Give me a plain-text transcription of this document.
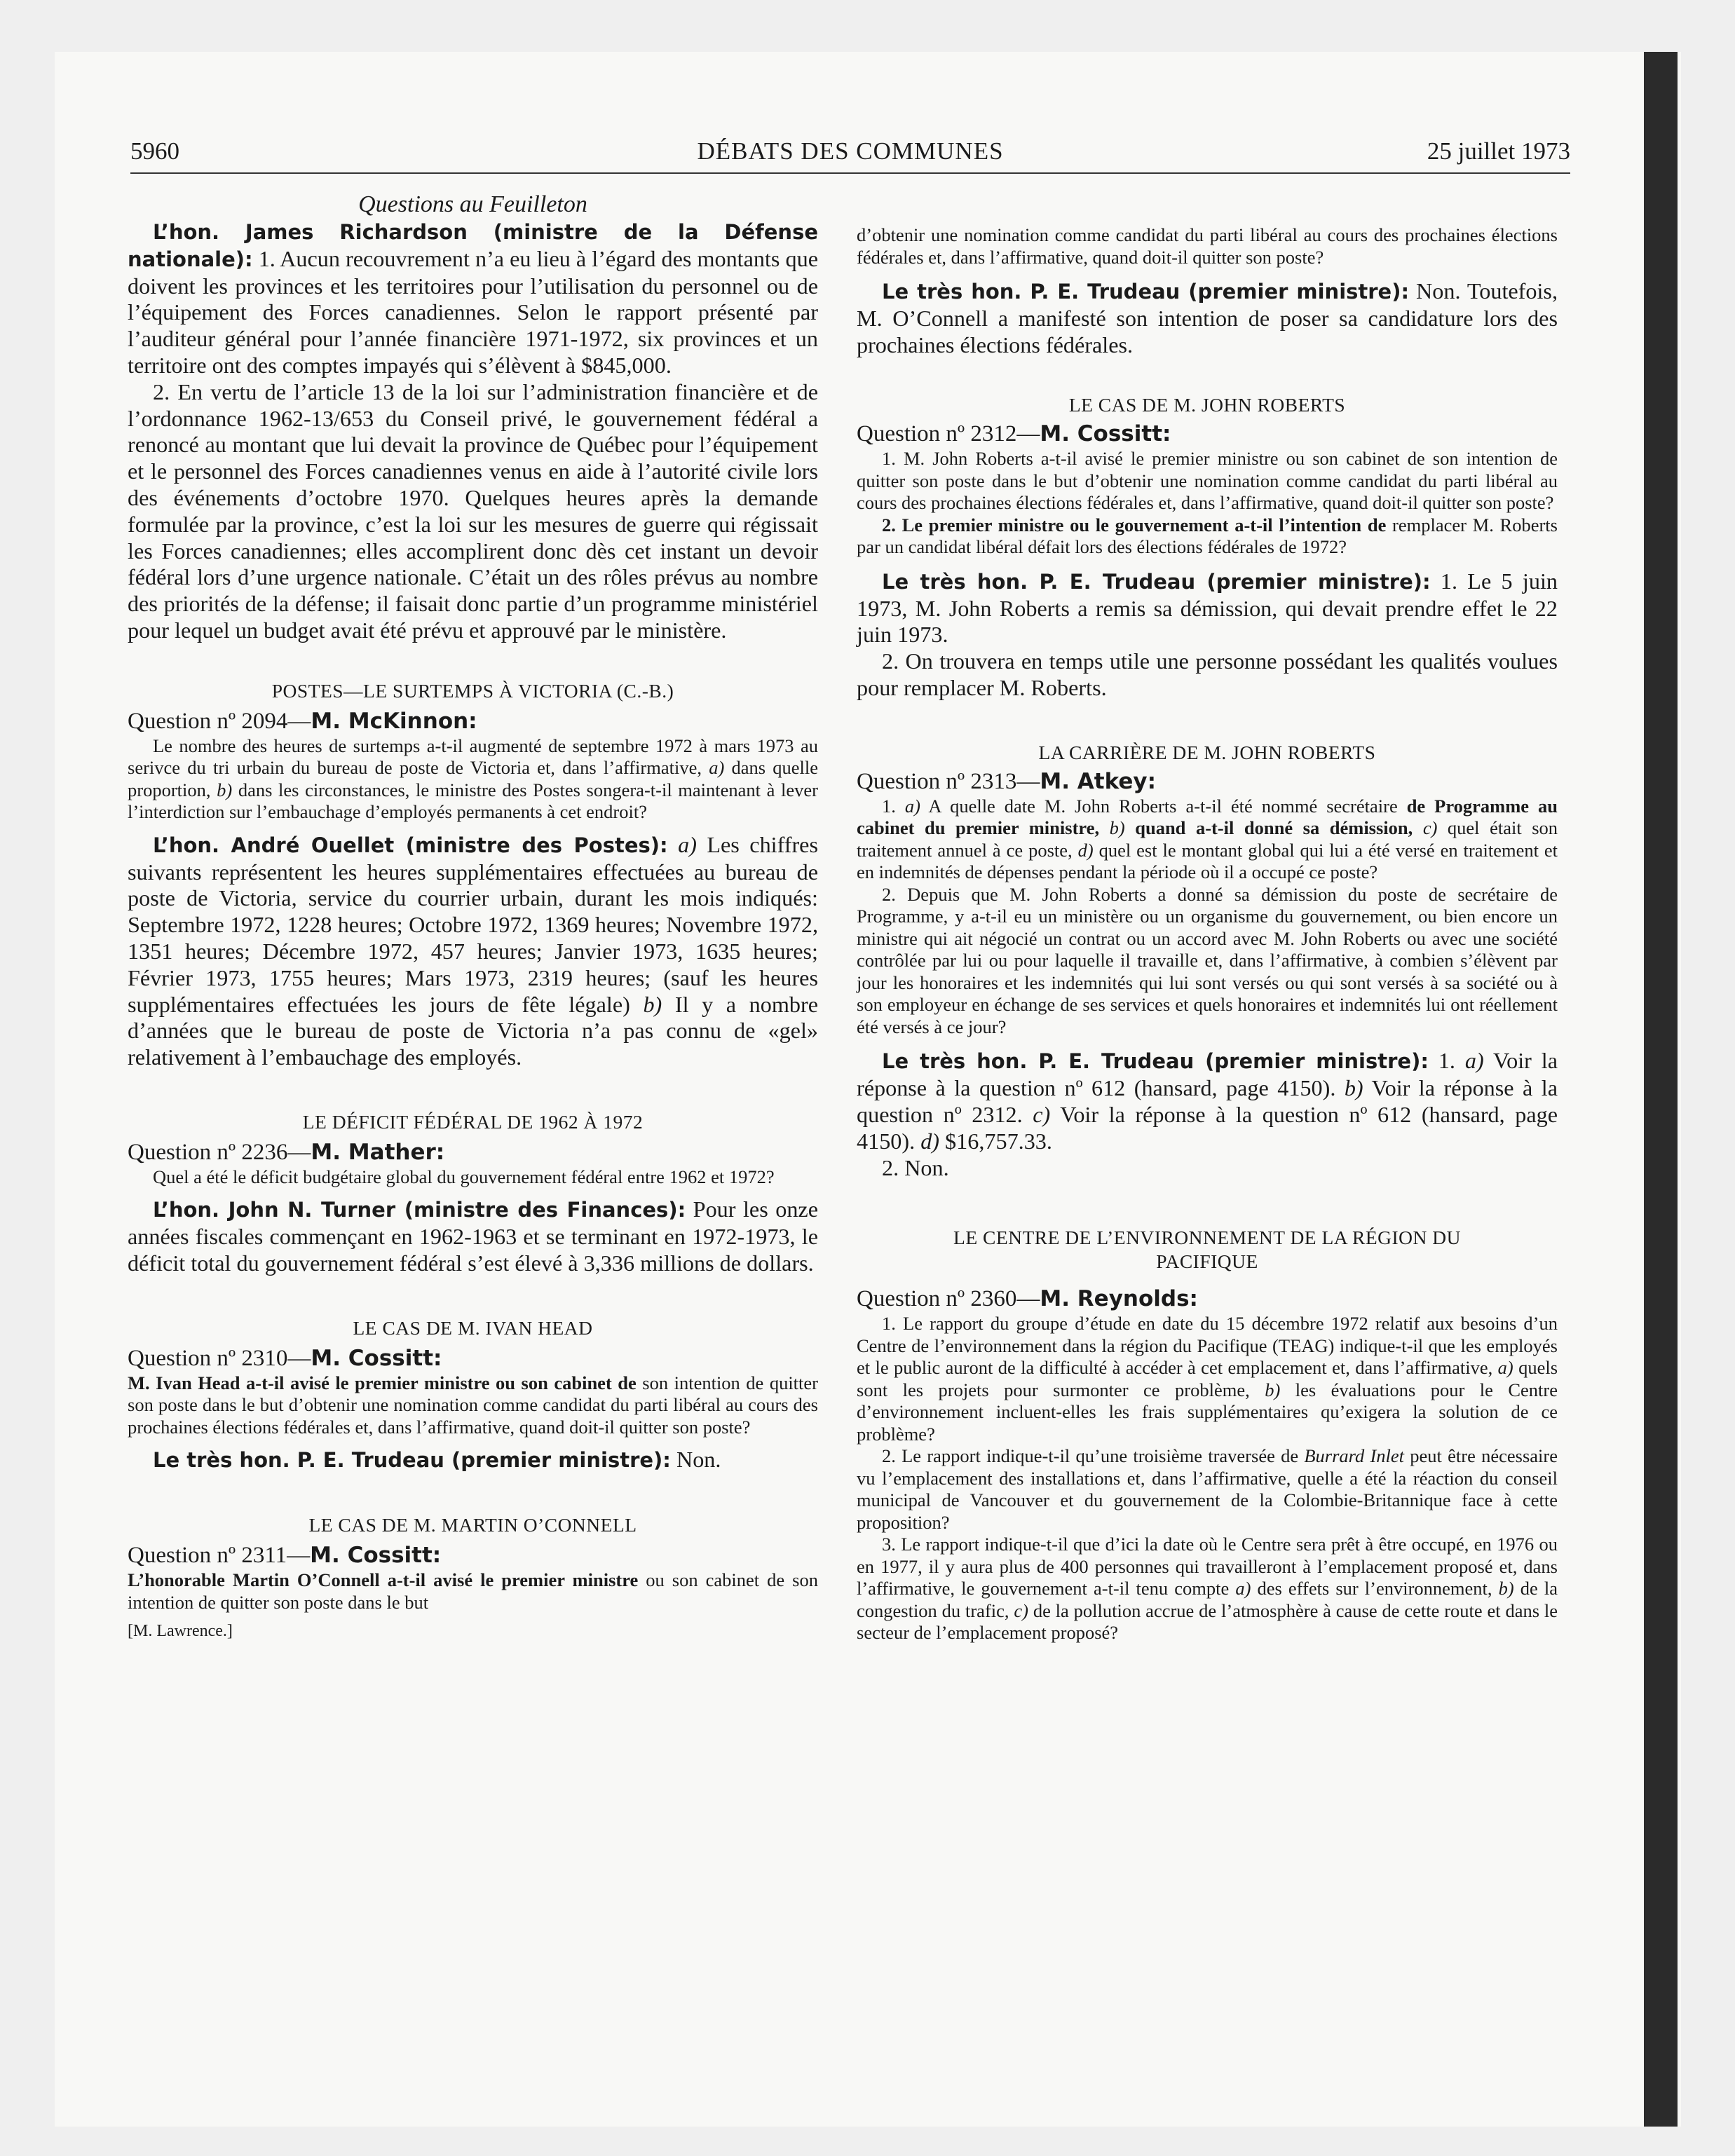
5960	DÉBATS DES COMMUNES	25 juillet 1973

Questions au Feuilleton

L’hon. James Richardson (ministre de la Défense nationale): 1. Aucun recouvrement n’a eu lieu à l’égard des montants que doivent les provinces et les territoires pour l’utilisation du personnel ou de l’équipement des Forces canadiennes. Selon le rapport présenté par l’auditeur général pour l’année financière 1971-1972, six provinces et un territoire ont des comptes impayés qui s’élèvent à $845,000.

2. En vertu de l’article 13 de la loi sur l’administration financière et de l’ordonnance 1962-13/653 du Conseil privé, le gouvernement fédéral a renoncé au montant que lui devait la province de Québec pour l’équipement et le personnel des Forces canadiennes venus en aide à l’autorité civile lors des événements d’octobre 1970. Quelques heures après la demande formulée par la province, c’est la loi sur les mesures de guerre qui régissait les Forces canadiennes; elles accomplirent donc dès cet instant un devoir fédéral lors d’une urgence nationale. C’était un des rôles prévus au nombre des priorités de la défense; il faisait donc partie d’un programme ministériel pour lequel un budget avait été prévu et approuvé par le ministère.

POSTES—LE SURTEMPS À VICTORIA (C.-B.)

Question nº 2094—M. McKinnon:

Le nombre des heures de surtemps a-t-il augmenté de septembre 1972 à mars 1973 au serivce du tri urbain du bureau de poste de Victoria et, dans l’affirmative, a) dans quelle proportion, b) dans les circonstances, le ministre des Postes songera-t-il maintenant à lever l’interdiction sur l’embauchage d’employés permanents à cet endroit?

L’hon. André Ouellet (ministre des Postes): a) Les chiffres suivants représentent les heures supplémentaires effectuées au bureau de poste de Victoria, service du courrier urbain, durant les mois indiqués: Septembre 1972, 1228 heures; Octobre 1972, 1369 heures; Novembre 1972, 1351 heures; Décembre 1972, 457 heures; Janvier 1973, 1635 heures; Février 1973, 1755 heures; Mars 1973, 2319 heures; (sauf les heures supplémentaires effectuées les jours de fête légale) b) Il y a nombre d’années que le bureau de poste de Victoria n’a pas connu de «gel» relativement à l’embauchage des employés.

LE DÉFICIT FÉDÉRAL DE 1962 À 1972

Question nº 2236—M. Mather:

Quel a été le déficit budgétaire global du gouvernement fédéral entre 1962 et 1972?

L’hon. John N. Turner (ministre des Finances): Pour les onze années fiscales commençant en 1962-1963 et se terminant en 1972-1973, le déficit total du gouvernement fédéral s’est élevé à 3,336 millions de dollars.

LE CAS DE M. IVAN HEAD

Question nº 2310—M. Cossitt:

M. Ivan Head a-t-il avisé le premier ministre ou son cabinet de son intention de quitter son poste dans le but d’obtenir une nomination comme candidat du parti libéral au cours des prochaines élections fédérales et, dans l’affirmative, quand doit-il quitter son poste?

Le très hon. P. E. Trudeau (premier ministre): Non.

LE CAS DE M. MARTIN O’CONNELL

Question nº 2311—M. Cossitt:

L’honorable Martin O’Connell a-t-il avisé le premier ministre ou son cabinet de son intention de quitter son poste dans le but

[M. Lawrence.]

d’obtenir une nomination comme candidat du parti libéral au cours des prochaines élections fédérales et, dans l’affirmative, quand doit-il quitter son poste?

Le très hon. P. E. Trudeau (premier ministre): Non. Toutefois, M. O’Connell a manifesté son intention de poser sa candidature lors des prochaines élections fédérales.

LE CAS DE M. JOHN ROBERTS

Question nº 2312—M. Cossitt:

1. M. John Roberts a-t-il avisé le premier ministre ou son cabinet de son intention de quitter son poste dans le but d’obtenir une nomination comme candidat du parti libéral au cours des prochaines élections fédérales et, dans l’affirmative, quand doit-il quitter son poste?

2. Le premier ministre ou le gouvernement a-t-il l’intention de remplacer M. Roberts par un candidat libéral défait lors des élections fédérales de 1972?

Le très hon. P. E. Trudeau (premier ministre): 1. Le 5 juin 1973, M. John Roberts a remis sa démission, qui devait prendre effet le 22 juin 1973.

2. On trouvera en temps utile une personne possédant les qualités voulues pour remplacer M. Roberts.

LA CARRIÈRE DE M. JOHN ROBERTS

Question nº 2313—M. Atkey:

1. a) A quelle date M. John Roberts a-t-il été nommé secrétaire de Programme au cabinet du premier ministre, b) quand a-t-il donné sa démission, c) quel était son traitement annuel à ce poste, d) quel est le montant global qui lui a été versé en traitement et en indemnités de dépenses pendant la période où il a occupé ce poste?

2. Depuis que M. John Roberts a donné sa démission du poste de secrétaire de Programme, y a-t-il eu un ministère ou un organisme du gouvernement, ou bien encore un ministre qui ait négocié un contrat ou un accord avec M. John Roberts ou avec une société contrôlée par lui ou pour laquelle il travaille et, dans l’affirmative, à combien s’élèvent par jour les honoraires et les indemnités qui lui sont versés ou qui sont versés à sa société ou à son employeur en échange de ses services et quels honoraires et indemnités lui ont réellement été versés à ce jour?

Le très hon. P. E. Trudeau (premier ministre): 1. a) Voir la réponse à la question nº 612 (hansard, page 4150). b) Voir la réponse à la question nº 2312. c) Voir la réponse à la question nº 612 (hansard, page 4150). d) $16,757.33.

2. Non.

LE CENTRE DE L’ENVIRONNEMENT DE LA RÉGION DU

PACIFIQUE

Question nº 2360—M. Reynolds:

1. Le rapport du groupe d’étude en date du 15 décembre 1972 relatif aux besoins d’un Centre de l’environnement dans la région du Pacifique (TEAG) indique-t-il que les employés et le public auront de la difficulté à accéder à cet emplacement et, dans l’affirmative, a) quels sont les projets pour surmonter ce problème, b) les évaluations pour le Centre d’environnement incluent-elles les frais supplémentaires qu’exigera la solution de ce problème?

2. Le rapport indique-t-il qu’une troisième traversée de Burrard Inlet peut être nécessaire vu l’emplacement des installations et, dans l’affirmative, quelle a été la réaction du conseil municipal de Vancouver et du gouvernement de la Colombie-Britannique face à cette proposition?

3. Le rapport indique-t-il que d’ici la date où le Centre sera prêt à être occupé, en 1976 ou en 1977, il y aura plus de 400 personnes qui travailleront à l’emplacement proposé et, dans l’affirmative, le gouvernement a-t-il tenu compte a) des effets sur l’environnement, b) de la congestion du trafic, c) de la pollution accrue de l’atmosphère à cause de cette route et dans le secteur de l’emplacement proposé?
